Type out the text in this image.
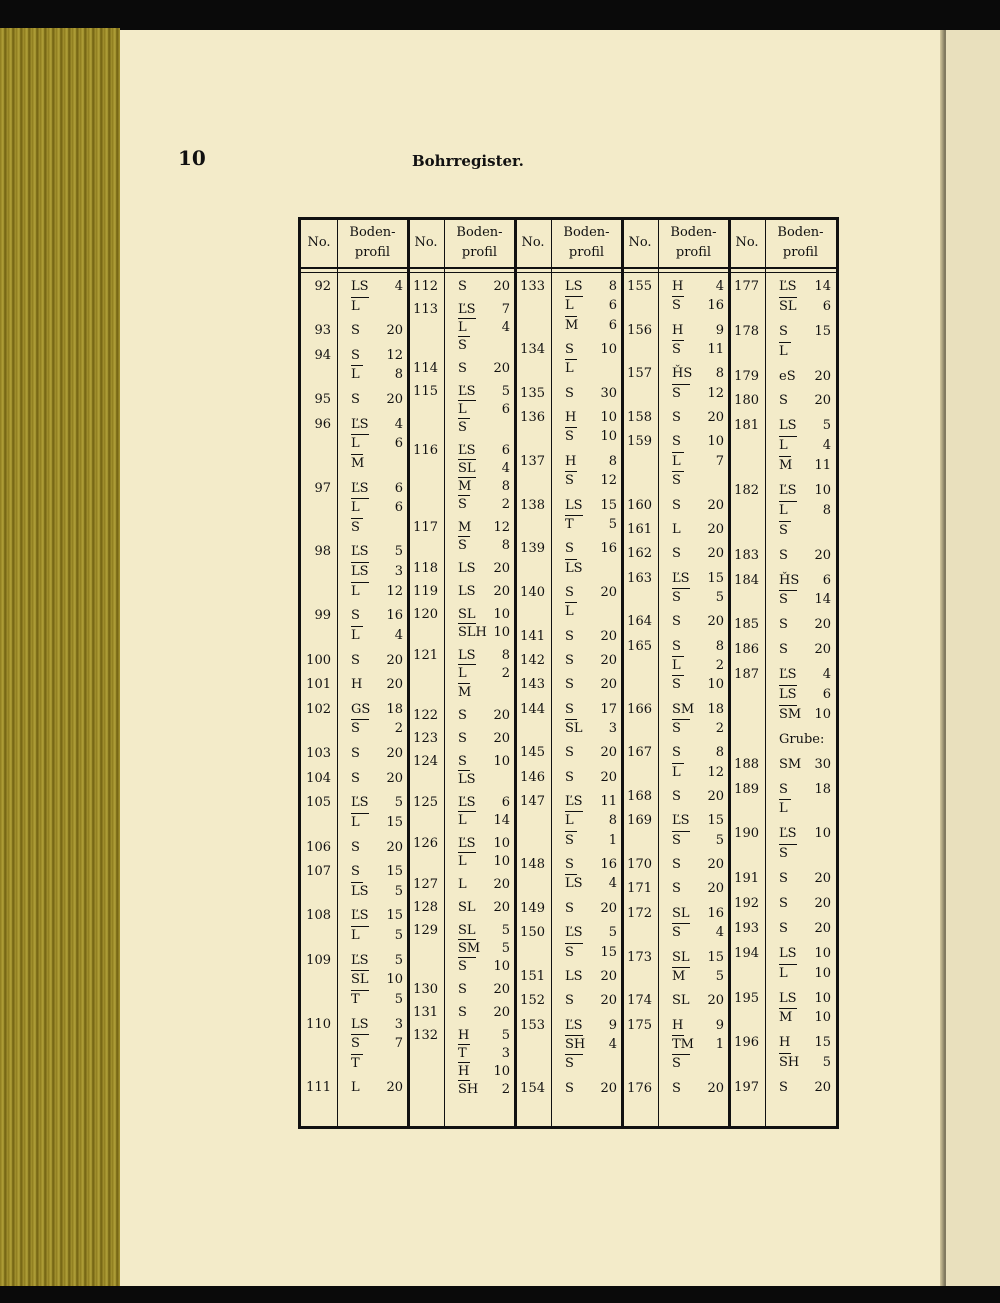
10	Bohrregister.
No.
Boden-
profil
No.
Boden-
profil
No.
Boden-
profil
No.
Boden-
profil
No.
Boden-
profil
92 LS	4
L
93 S	20
94 S	12
L	8
95 S	20
96 ĽS	4
L	6
M
97 ĽS	6
L	6
S
98 ĽS	5
LS	3
L	12
99 S	16
L	4
100 S	20
101 H	20
102 GS	18
S	2
103 S	20
104 S	20
105 ĽS	5
L	15
106 S	20
107 S	15
LS	5
108 ĽS	15
L	5
109 ĽS	5
SL	10
T	5
110 LS	3
S	7
T
111 L	20
112 S	20
113 ĽS	7
L	4
S
114 S	20
115 ĽS	5
L	6
S
116 ĽS	6
SL	4
M	8
S	2
117 M	12
S	8
118 LS	20
119 LS	20
120 SL	10
SLH 10
121 LS	8
L	2
M
122 S	20
123 S	20
124 S	10
LS
125 ĽS	6
L	14
126 ĽS	10
L	10
127 L	20
128 SL	20
129 SL	5
SM	5
S	10
130 S	20
131 S	20
132 H	5
T	3
H	10
SH	2
133 LS	8
L	6
M	6
134 S	10
L
135 S	30
136 H	10
S	10
137 H	8
S	12
138 LS	15
T	5
139 S	16
LS
140 S	20
L
141 S	20
142 S	20
143 S	20
144 S	17
SL	3
145 S	20
146 S	20
147 ĽS	11
L	8
S	1
148 S	16
LS	4
149 S	20
150 ĽS	5
S	15
151 LS	20
152 S	20
153 ĽS	9
SH	4
S
154 S	20
155 H	4
S	16
156 H	9
S	11
157 ȞS	8
S	12
158 S	20
159 S	10
L	7
S
160 S	20
161 L	20
162 S	20
163 ĽS	15
S	5
164 S	20
165 S	8
L	2
S	10
166 SM	18
S	2
167 S	8
L	12
168 S	20
169 ĽS	15
S	5
170 S	20
171 S	20
172 SL	16
S	4
173 SL	15
M	5
174 SL	20
175 H	9
TM	1
S
176 S	20
177 ĽS	14
SL	6
178 S	15
L
179 eS	20
180 S	20
181 LS	5
L	4
M	11
182 ĽS	10
L	8
S
183 S	20
184 ȞS	6
S	14
185 S	20
186 S	20
187 ĽS	4
LS	6
SM	10
Grube:
188 SM	30
189 S	18
L
190 ĽS	10
S
191 S	20
192 S	20
193 S	20
194 LS	10
L	10
195 LS	10
M	10
196 H	15
SH	5
197 S	20
